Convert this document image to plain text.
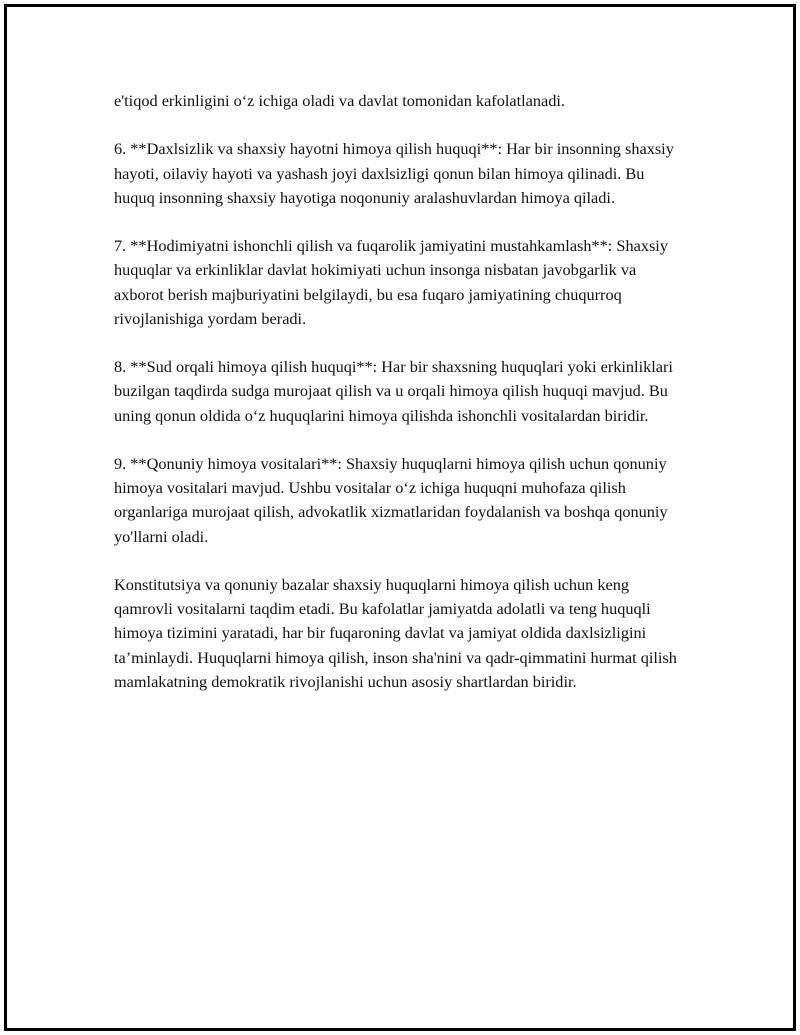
e'tiqod erkinligini o‘z ichiga oladi va davlat tomonidan kafolatlanadi.

6. **Daxlsizlik va shaxsiy hayotni himoya qilish huquqi**: Har bir insonning shaxsiy hayoti, oilaviy hayoti va yashash joyi daxlsizligi qonun bilan himoya qilinadi. Bu huquq insonning shaxsiy hayotiga noqonuniy aralashuvlardan himoya qiladi.

7. **Hodimiyatni ishonchli qilish va fuqarolik jamiyatini mustahkamlash**: Shaxsiy huquqlar va erkinliklar davlat hokimiyati uchun insonga nisbatan javobgarlik va axborot berish majburiyatini belgilaydi, bu esa fuqaro jamiyatining chuqurroq rivojlanishiga yordam beradi.

8. **Sud orqali himoya qilish huquqi**: Har bir shaxsning huquqlari yoki erkinliklari buzilgan taqdirda sudga murojaat qilish va u orqali himoya qilish huquqi mavjud. Bu uning qonun oldida o‘z huquqlarini himoya qilishda ishonchli vositalardan biridir.

9. **Qonuniy himoya vositalari**: Shaxsiy huquqlarni himoya qilish uchun qonuniy himoya vositalari mavjud. Ushbu vositalar o‘z ichiga huquqni muhofaza qilish organlariga murojaat qilish, advokatlik xizmatlaridan foydalanish va boshqa qonuniy yo'llarni oladi.

Konstitutsiya va qonuniy bazalar shaxsiy huquqlarni himoya qilish uchun keng qamrovli vositalarni taqdim etadi. Bu kafolatlar jamiyatda adolatli va teng huquqli himoya tizimini yaratadi, har bir fuqaroning davlat va jamiyat oldida daxlsizligini ta’minlaydi. Huquqlarni himoya qilish, inson sha'nini va qadr-qimmatini hurmat qilish mamlakatning demokratik rivojlanishi uchun asosiy shartlardan biridir.
